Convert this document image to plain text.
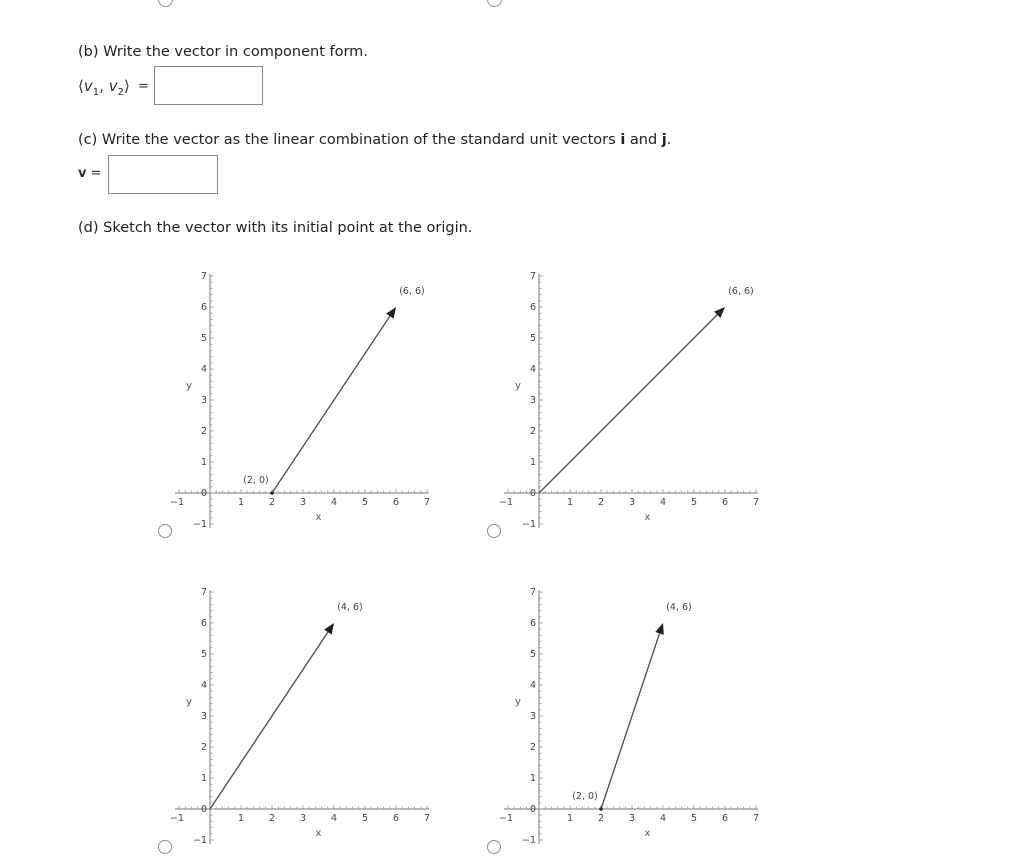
(b) Write the vector in component form.
$⟨v_1$, $v_2⟩$ =
(c) Write the vector as the linear combination of the standard unit vectors i and j.
v =
(d) Sketch the vector with its initial point at the origin.
1	2	3	4	5	6	7
1
2
3
4
5
6
7
−1
−1
0
x
y
(2, 0)
(6, 6)
1	2	3	4	5	6	7
1
2
3
4
5
6
7
−1
−1
0
x
y
(6, 6)
1	2	3	4	5	6	7
1
2
3
4
5
6
7
−1
−1
0
x
y
(4, 6)
1	2	3	4	5	6	7
1
2
3
4
5
6
7
−1
−1
0
x
y
(2, 0)
(4, 6)
